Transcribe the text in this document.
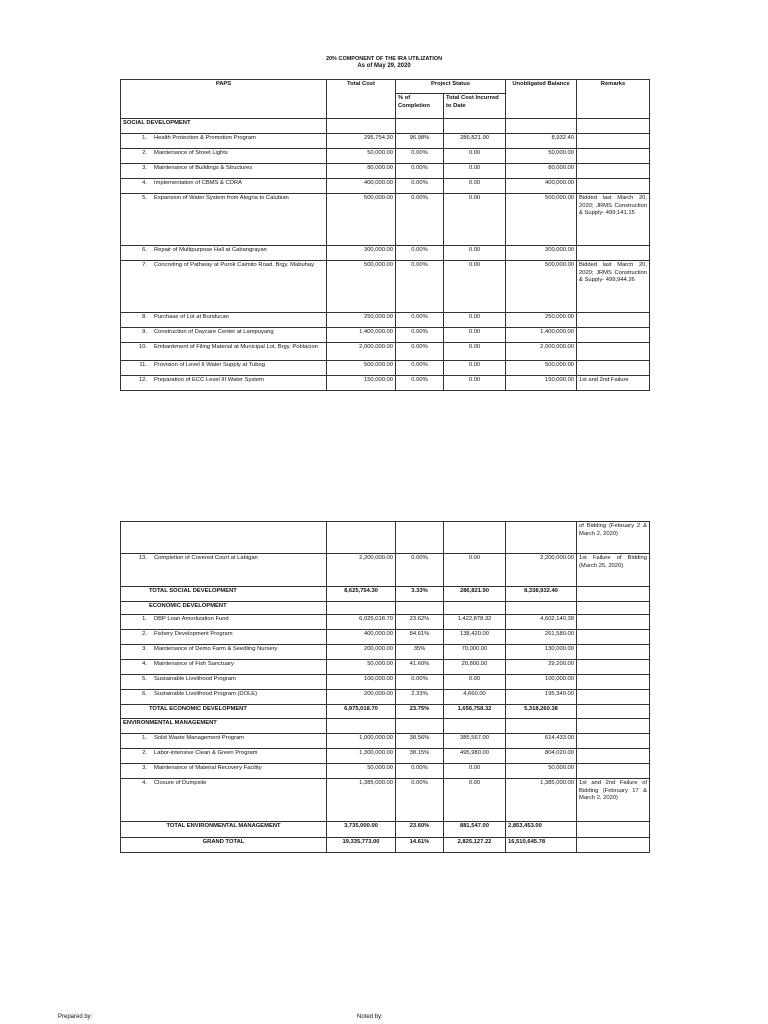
20% COMPONENT OF THE IRA UTILIZATION
As of May 29, 2020
PAPS	Total Cost	Project Status		Unobligated Balance	Remarks
		% of Completion	Total Cost Incurred to Date		
SOCIAL DEVELOPMENT					
1. Health Protection & Promotion Program	295,754.30	96.98%	286,821.90	8,932.40	
2. Maintenance of Street Lights	50,000.00	0.00%	0.00	50,000.00	
3. Maintenance of Buildings & Structures	80,000.00	0.00%	0.00	80,000.00	
4. Implementation of CBMS & CDRA	400,000.00	0.00%	0.00	400,000.00	
5. Expansion of Water System from Alegria to Calubian	500,000.00	0.00%	0.00	500,000.00	Bidded last March 20, 2020; JRMS Construction & Supply- 499,141.15
6. Repair of Multipurpose Hall at Cabangrayan	300,000.00	0.00%	0.00	300,000.00	
7. Concreting of Pathway at Purok Caimito Road, Brgy. Mabuhay	500,000.00	0.00%	0.00	500,000.00	Bidded last March 20, 2020; JRMS Construction & Supply- 499,944.26
8. Purchase of Lot at Bunducan	250,000.00	0.00%	0.00	250,000.00	
9. Construction of Daycare Center at Lampuyang	1,400,000.00	0.00%	0.00	1,400,000.00	
10. Embankment of Filing Material at Municipal Lot, Brgy. Poblacion	2,000,000.00	0.00%	0.00	2,000,000.00	
11. Provision of Level II Water Supply at Tubog	500,000.00	0.00%	0.00	500,000.00	
12. Preparation of ECC Level III Water System	150,000.00	0.00%	0.00	150,000.00	1st and 2nd Failure
					of Bidding (February 2 & March 2, 2020)
13. Completion of Covered Court at Labigan	2,200,000.00	0.00%	0.00	2,200,000.00	1st Failure of Bidding (March 25, 2020)
TOTAL SOCIAL DEVELOPMENT	8,625,754.30	3.33%	286,821.90	8,338,932.40	
ECONOMIC DEVELOPMENT					
1. DBP Loan Amortization Fund	6,025,018.70	23.62%	1,422,878.32	4,602,140.38	
2. Fishery Development Program	400,000.00	84.61%	138,420.00	261,580.00	
3. Maintenance of Demo Farm & Seedling Nursery	200,000.00	35%	70,000.00	130,000.00	
4. Maintenance of Fish Sanctuary	50,000.00	41.60%	20,800.00	29,200.00	
5. Sustainable Livelihood Program	100,000.00	0.00%	0.00	100,000.00	
6. Sustainable Livelihood Program (DOLE)	200,000.00	2.33%	4,660.00	195,340.00	
TOTAL ECONOMIC DEVELOPMENT	6,975,018.70	23.75%	1,656,758.32	5,318,260.38	
ENVIRONMENTAL MANAGEMENT					
1. Solid Waste Management Program	1,000,000.00	38.56%	385,567.00	614,433.00	
2. Labor-intensive Clean & Green Program	1,300,000.00	38.15%	495,980.00	804,020.00	
3. Maintenance of Material Recovery Facility	50,000.00	0.00%	0.00	50,000.00	
4. Closure of Dumpsite	1,385,000.00	0.00%	0.00	1,385,000.00	1st and 2nd Failure of Bidding (February 17 & March 2, 2020)
TOTAL ENVIRONMENTAL MANAGEMENT	3,735,000.00	23.60%	881,547.00	2,853,453.00	
GRAND TOTAL	19,335,773.00	14.61%	2,825,127.22	16,510,645.78	
Prepared by:	Noted by:
